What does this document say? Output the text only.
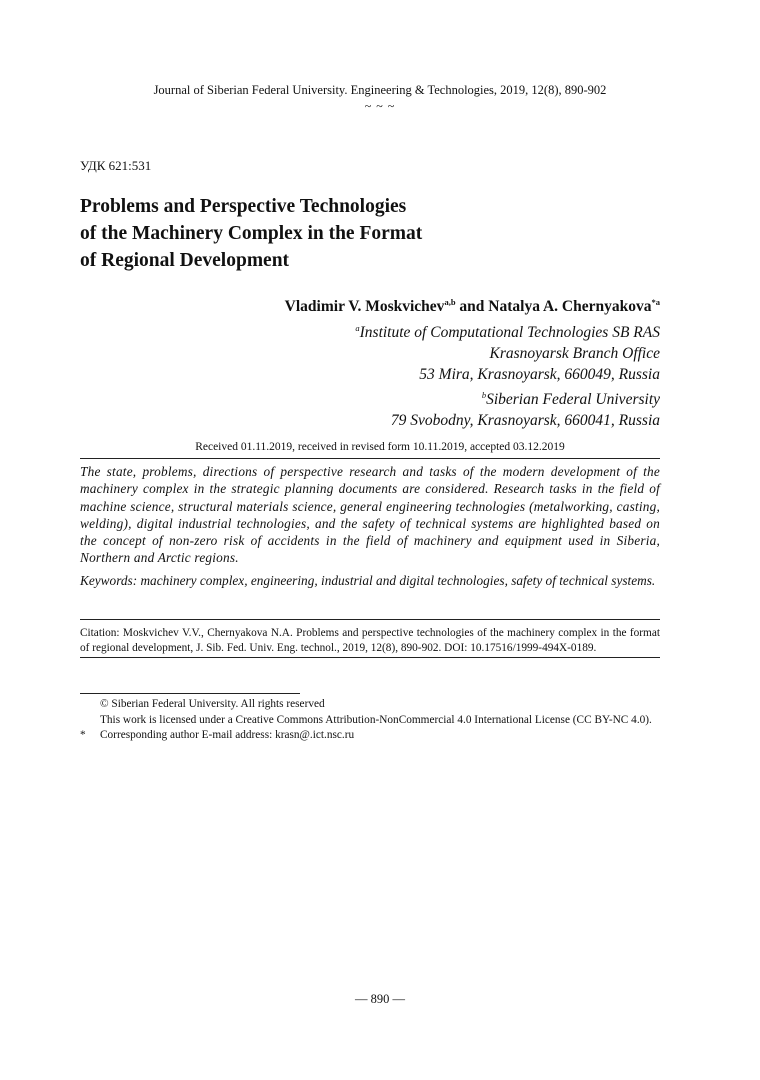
Journal of Siberian Federal University. Engineering & Technologies, 2019, 12(8), 890-902
~ ~ ~
УДК 621:531
Problems and Perspective Technologies
of the Machinery Complex in the Format
of Regional Development
Vladimir V. Moskvichev$^{a,b}$ and Natalya A. Chernyakova$^{*a}$
$^a$Institute of Computational Technologies SB RAS
Krasnoyarsk Branch Office
53 Mira, Krasnoyarsk, 660049, Russia
$^b$Siberian Federal University
79 Svobodny, Krasnoyarsk, 660041, Russia
Received 01.11.2019, received in revised form 10.11.2019, accepted 03.12.2019
The state, problems, directions of perspective research and tasks of the modern development of the machinery complex in the strategic planning documents are considered. Research tasks in the field of machine science, structural materials science, general engineering technologies (metalworking, casting, welding), digital industrial technologies, and the safety of technical systems are highlighted based on the concept of non-zero risk of accidents in the field of machinery and equipment used in Siberia, Northern and Arctic regions.
Keywords: machinery complex, engineering, industrial and digital technologies, safety of technical systems.
Citation: Moskvichev V.V., Chernyakova N.A. Problems and perspective technologies of the machinery complex in the format of regional development, J. Sib. Fed. Univ. Eng. technol., 2019, 12(8), 890-902. DOI: 10.17516/1999-494X-0189.
© Siberian Federal University. All rights reserved
This work is licensed under a Creative Commons Attribution-NonCommercial 4.0 International License (CC BY-NC 4.0).
* Corresponding author E-mail address: krasn@.ict.nsc.ru
― 890 ―
